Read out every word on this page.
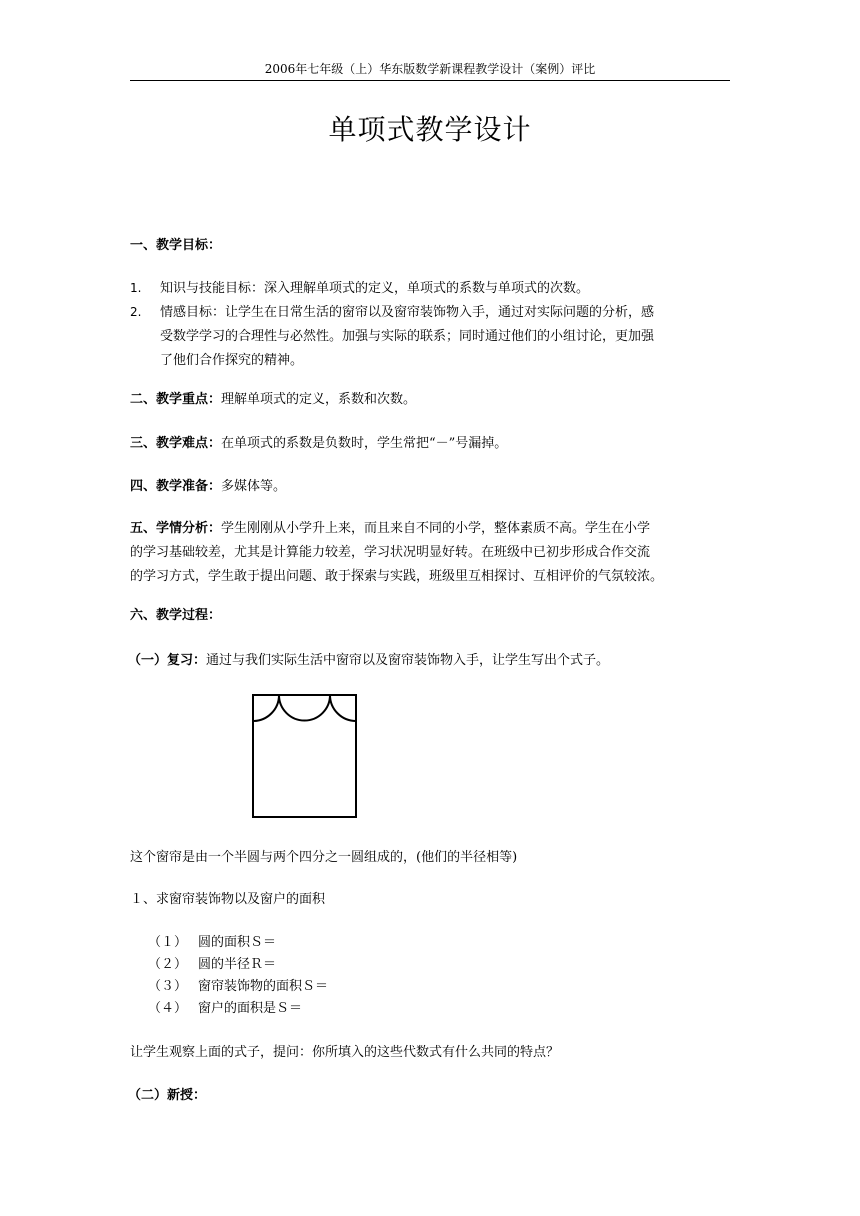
2006年七年级（上）华东版数学新课程教学设计（案例）评比
单项式教学设计
一、教学目标：
1. 知识与技能目标：深入理解单项式的定义，单项式的系数与单项式的次数。
2. 情感目标：让学生在日常生活的窗帘以及窗帘装饰物入手，通过对实际问题的分析，感
受数学学习的合理性与必然性。加强与实际的联系；同时通过他们的小组讨论，更加强
了他们合作探究的精神。
二、教学重点：理解单项式的定义，系数和次数。
三、教学难点：在单项式的系数是负数时，学生常把“－”号漏掉。
四、教学准备：多媒体等。
五、学情分析：学生刚刚从小学升上来，而且来自不同的小学，整体素质不高。学生在小学
的学习基础较差，尤其是计算能力较差，学习状况明显好转。在班级中已初步形成合作交流
的学习方式，学生敢于提出问题、敢于探索与实践，班级里互相探讨、互相评价的气氛较浓。
六、教学过程：
（一）复习：通过与我们实际生活中窗帘以及窗帘装饰物入手，让学生写出个式子。
这个窗帘是由一个半圆与两个四分之一圆组成的，(他们的半径相等)
１、求窗帘装饰物以及窗户的面积
（１） 圆的面积Ｓ＝
（２） 圆的半径Ｒ＝
（３） 窗帘装饰物的面积Ｓ＝
（４） 窗户的面积是Ｓ＝
让学生观察上面的式子，提问：你所填入的这些代数式有什么共同的特点？
（二）新授：
